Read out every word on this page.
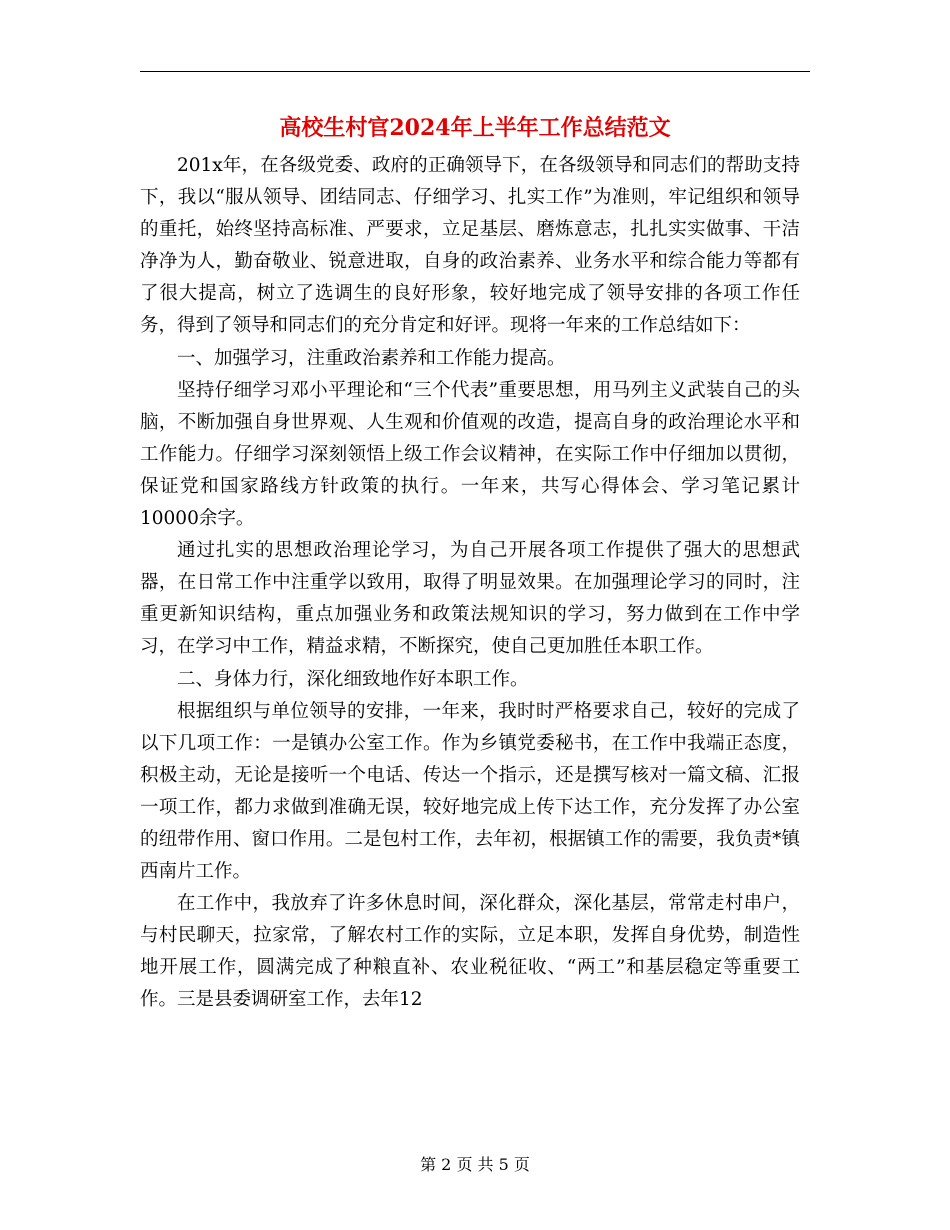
高校生村官2024年上半年工作总结范文

201x年，在各级党委、政府的正确领导下，在各级领导和同志们的帮助支持下，我以“服从领导、团结同志、仔细学习、扎实工作”为准则，牢记组织和领导的重托，始终坚持高标准、严要求，立足基层、磨炼意志，扎扎实实做事、干洁净净为人，勤奋敬业、锐意进取，自身的政治素养、业务水平和综合能力等都有了很大提高，树立了选调生的良好形象，较好地完成了领导安排的各项工作任务，得到了领导和同志们的充分肯定和好评。现将一年来的工作总结如下：

一、加强学习，注重政治素养和工作能力提高。

坚持仔细学习邓小平理论和“三个代表”重要思想，用马列主义武装自己的头脑，不断加强自身世界观、人生观和价值观的改造，提高自身的政治理论水平和工作能力。仔细学习深刻领悟上级工作会议精神，在实际工作中仔细加以贯彻，保证党和国家路线方针政策的执行。一年来，共写心得体会、学习笔记累计10000余字。

通过扎实的思想政治理论学习，为自己开展各项工作提供了强大的思想武器，在日常工作中注重学以致用，取得了明显效果。在加强理论学习的同时，注重更新知识结构，重点加强业务和政策法规知识的学习，努力做到在工作中学习，在学习中工作，精益求精，不断探究，使自己更加胜任本职工作。

二、身体力行，深化细致地作好本职工作。

根据组织与单位领导的安排，一年来，我时时严格要求自己，较好的完成了以下几项工作：一是镇办公室工作。作为乡镇党委秘书，在工作中我端正态度，积极主动，无论是接听一个电话、传达一个指示，还是撰写核对一篇文稿、汇报一项工作，都力求做到准确无误，较好地完成上传下达工作，充分发挥了办公室的纽带作用、窗口作用。二是包村工作，去年初，根据镇工作的需要，我负责*镇西南片工作。

在工作中，我放弃了许多休息时间，深化群众，深化基层，常常走村串户，与村民聊天，拉家常，了解农村工作的实际，立足本职，发挥自身优势，制造性地开展工作，圆满完成了种粮直补、农业税征收、“两工”和基层稳定等重要工作。三是县委调研室工作，去年12

第 2 页 共 5 页
